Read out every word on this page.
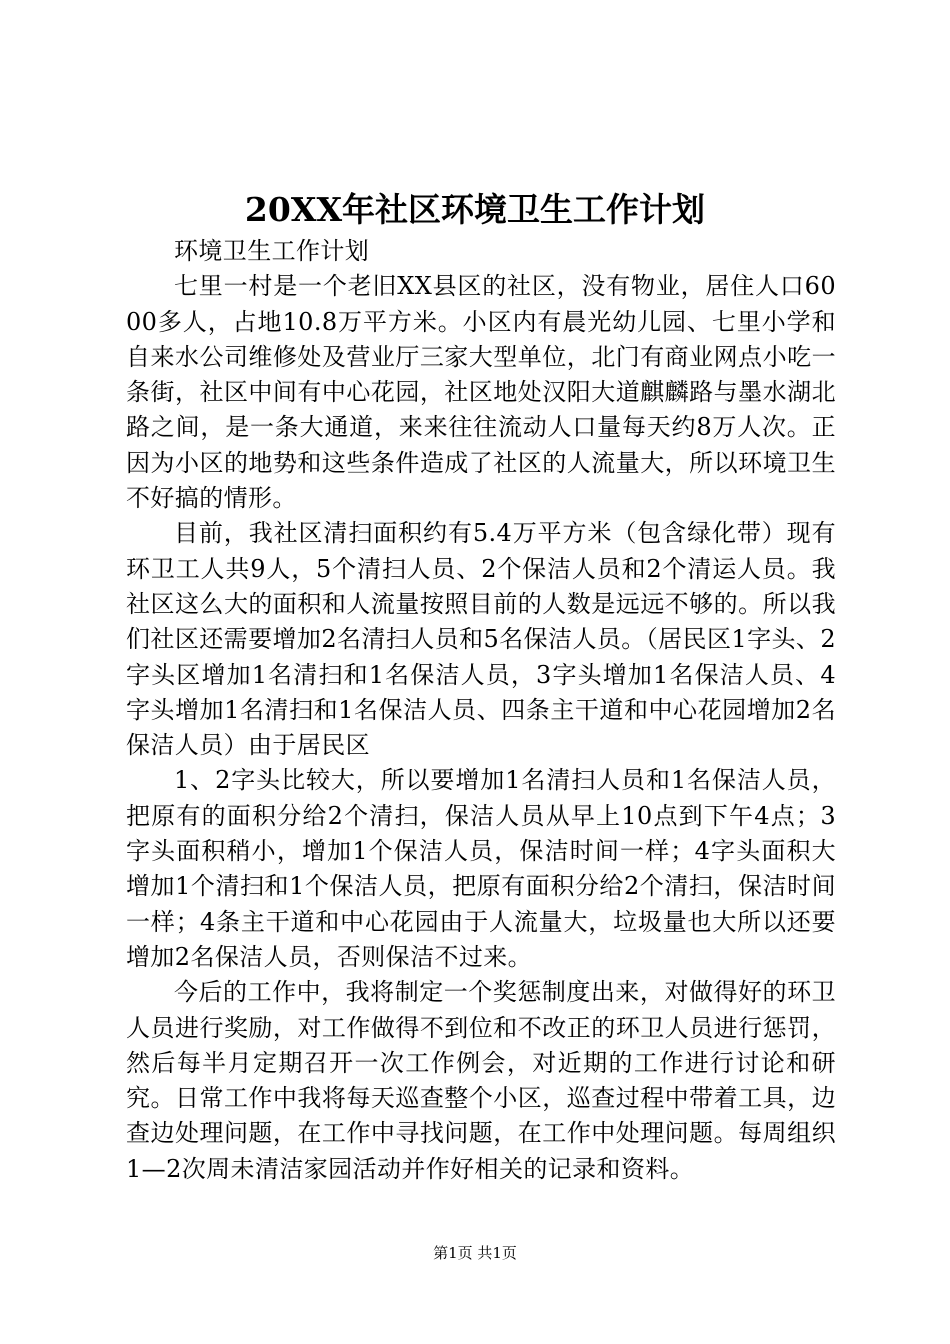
20XX年社区环境卫生工作计划

环境卫生工作计划

七里一村是一个老旧XX县区的社区，没有物业，居住人口6000多人，占地10.8万平方米。小区内有晨光幼儿园、七里小学和自来水公司维修处及营业厅三家大型单位，北门有商业网点小吃一条街，社区中间有中心花园，社区地处汉阳大道麒麟路与墨水湖北路之间，是一条大通道，来来往往流动人口量每天约8万人次。正因为小区的地势和这些条件造成了社区的人流量大，所以环境卫生不好搞的情形。

目前，我社区清扫面积约有5.4万平方米（包含绿化带）现有环卫工人共9人，5个清扫人员、2个保洁人员和2个清运人员。我社区这么大的面积和人流量按照目前的人数是远远不够的。所以我们社区还需要增加2名清扫人员和5名保洁人员。（居民区1字头、2字头区增加1名清扫和1名保洁人员，3字头增加1名保洁人员、4字头增加1名清扫和1名保洁人员、四条主干道和中心花园增加2名保洁人员）由于居民区

1、2字头比较大，所以要增加1名清扫人员和1名保洁人员，把原有的面积分给2个清扫，保洁人员从早上10点到下午4点；3字头面积稍小，增加1个保洁人员，保洁时间一样；4字头面积大增加1个清扫和1个保洁人员，把原有面积分给2个清扫，保洁时间一样；4条主干道和中心花园由于人流量大，垃圾量也大所以还要增加2名保洁人员，否则保洁不过来。

今后的工作中，我将制定一个奖惩制度出来，对做得好的环卫人员进行奖励，对工作做得不到位和不改正的环卫人员进行惩罚，然后每半月定期召开一次工作例会，对近期的工作进行讨论和研究。日常工作中我将每天巡查整个小区，巡查过程中带着工具，边查边处理问题，在工作中寻找问题，在工作中处理问题。每周组织1—2次周未清洁家园活动并作好相关的记录和资料。

第1页 共1页
